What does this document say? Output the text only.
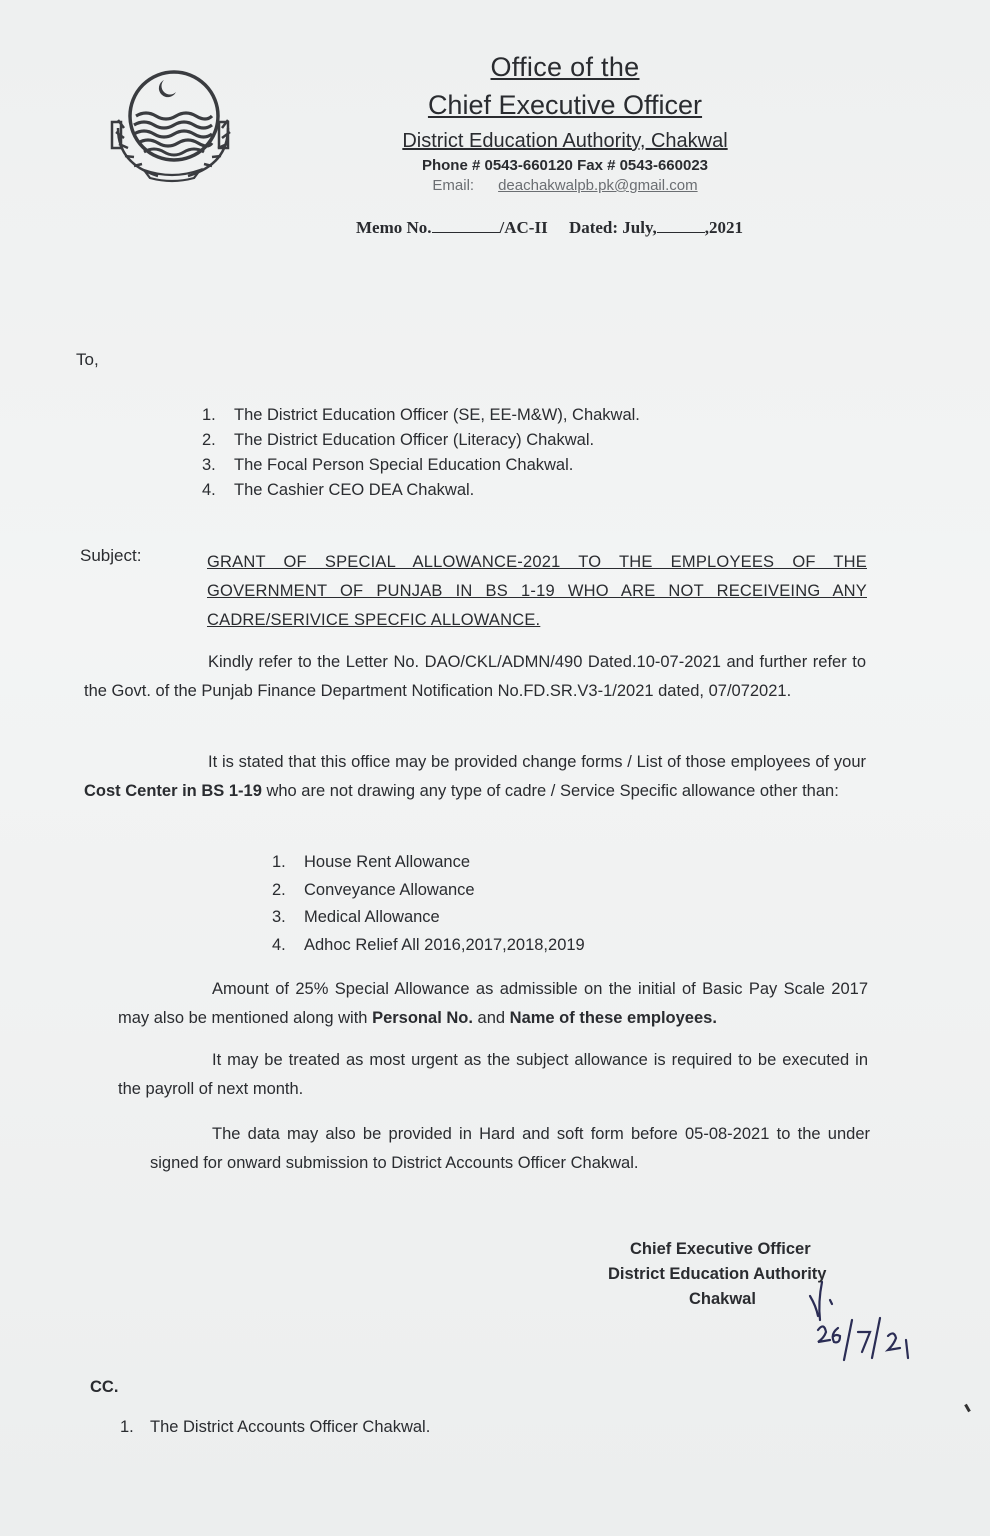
Office of the
Chief Executive Officer
District Education Authority, Chakwal
Phone # 0543-660120 Fax # 0543-660023
Email: deachakwalpb.pk@gmail.com
Memo No.	/AC-II Dated: July,	,2021
To,
1. The District Education Officer (SE, EE-M&W), Chakwal.
2. The District Education Officer (Literacy) Chakwal.
3. The Focal Person Special Education Chakwal.
4. The Cashier CEO DEA Chakwal.
Subject:	GRANT OF SPECIAL ALLOWANCE-2021 TO THE EMPLOYEES OF THE GOVERNMENT OF PUNJAB IN BS 1-19 WHO ARE NOT RECEIVEING ANY CADRE/SERIVICE SPECFIC ALLOWANCE.
Kindly refer to the Letter No. DAO/CKL/ADMN/490 Dated.10-07-2021 and further refer to the Govt. of the Punjab Finance Department Notification No.FD.SR.V3-1/2021 dated, 07/072021.
It is stated that this office may be provided change forms / List of those employees of your Cost Center in BS 1-19 who are not drawing any type of cadre / Service Specific allowance other than:
1. House Rent Allowance
2. Conveyance Allowance
3. Medical Allowance
4. Adhoc Relief All 2016,2017,2018,2019
Amount of 25% Special Allowance as admissible on the initial of Basic Pay Scale 2017 may also be mentioned along with Personal No. and Name of these employees.
It may be treated as most urgent as the subject allowance is required to be executed in the payroll of next month.
The data may also be provided in Hard and soft form before 05-08-2021 to the under signed for onward submission to District Accounts Officer Chakwal.
Chief Executive Officer
District Education Authority
Chakwal
CC.
1. The District Accounts Officer Chakwal.
